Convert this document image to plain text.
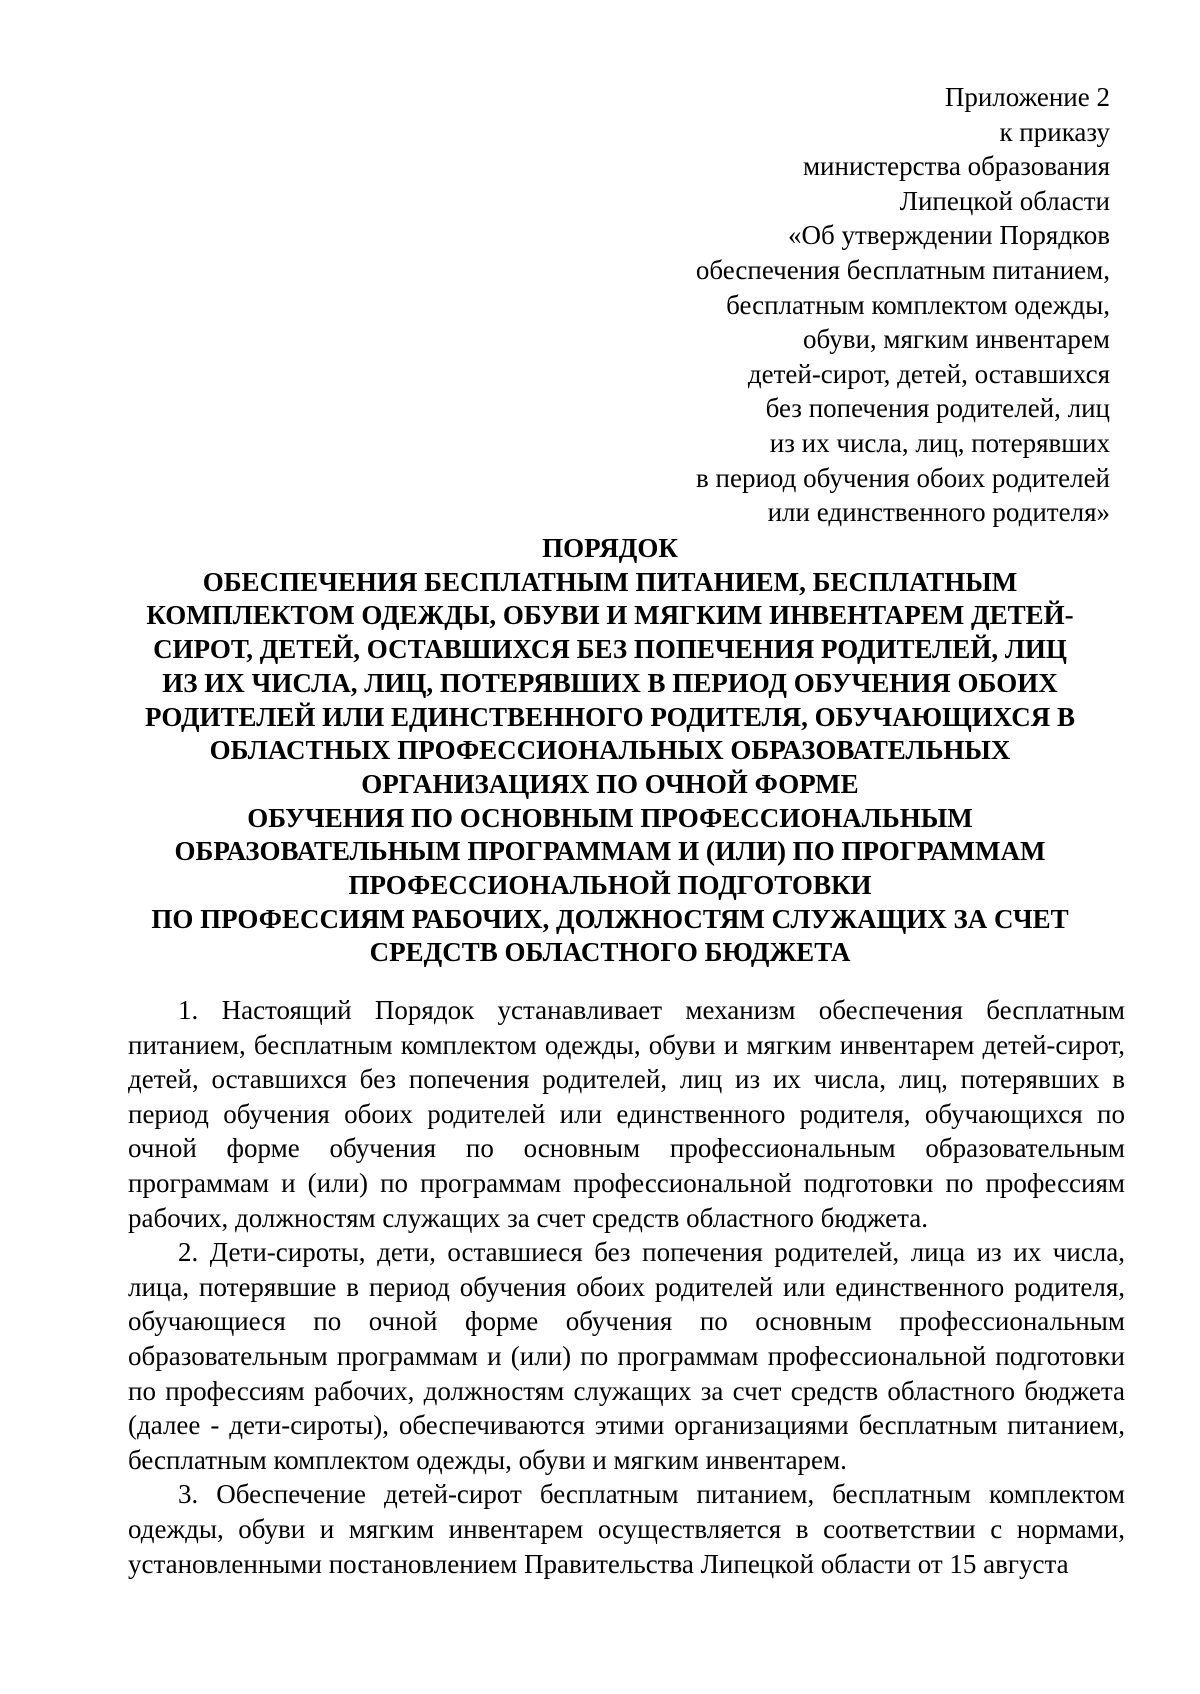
Приложение 2
к приказу
министерства образования
Липецкой области
«Об утверждении Порядков
обеспечения бесплатным питанием,
бесплатным комплектом одежды,
обуви, мягким инвентарем
детей-сирот, детей, оставшихся
без попечения родителей, лиц
из их числа, лиц, потерявших
в период обучения обоих родителей
или единственного родителя»
ПОРЯДОК
ОБЕСПЕЧЕНИЯ БЕСПЛАТНЫМ ПИТАНИЕМ, БЕСПЛАТНЫМ
КОМПЛЕКТОМ ОДЕЖДЫ, ОБУВИ И МЯГКИМ ИНВЕНТАРЕМ ДЕТЕЙ-
СИРОТ, ДЕТЕЙ, ОСТАВШИХСЯ БЕЗ ПОПЕЧЕНИЯ РОДИТЕЛЕЙ, ЛИЦ
ИЗ ИХ ЧИСЛА, ЛИЦ, ПОТЕРЯВШИХ В ПЕРИОД ОБУЧЕНИЯ ОБОИХ
РОДИТЕЛЕЙ ИЛИ ЕДИНСТВЕННОГО РОДИТЕЛЯ, ОБУЧАЮЩИХСЯ В
ОБЛАСТНЫХ ПРОФЕССИОНАЛЬНЫХ ОБРАЗОВАТЕЛЬНЫХ
ОРГАНИЗАЦИЯХ ПО ОЧНОЙ ФОРМЕ
ОБУЧЕНИЯ ПО ОСНОВНЫМ ПРОФЕССИОНАЛЬНЫМ
ОБРАЗОВАТЕЛЬНЫМ ПРОГРАММАМ И (ИЛИ) ПО ПРОГРАММАМ
ПРОФЕССИОНАЛЬНОЙ ПОДГОТОВКИ
ПО ПРОФЕССИЯМ РАБОЧИХ, ДОЛЖНОСТЯМ СЛУЖАЩИХ ЗА СЧЕТ
СРЕДСТВ ОБЛАСТНОГО БЮДЖЕТА

1. Настоящий Порядок устанавливает механизм обеспечения бесплатным питанием, бесплатным комплектом одежды, обуви и мягким инвентарем детей-сирот, детей, оставшихся без попечения родителей, лиц из их числа, лиц, потерявших в период обучения обоих родителей или единственного родителя, обучающихся по очной форме обучения по основным профессиональным образовательным программам и (или) по программам профессиональной подготовки по профессиям рабочих, должностям служащих за счет средств областного бюджета.

2. Дети-сироты, дети, оставшиеся без попечения родителей, лица из их числа, лица, потерявшие в период обучения обоих родителей или единственного родителя, обучающиеся по очной форме обучения по основным профессиональным образовательным программам и (или) по программам профессиональной подготовки по профессиям рабочих, должностям служащих за счет средств областного бюджета (далее - дети-сироты), обеспечиваются этими организациями бесплатным питанием, бесплатным комплектом одежды, обуви и мягким инвентарем.

3. Обеспечение детей-сирот бесплатным питанием, бесплатным комплектом одежды, обуви и мягким инвентарем осуществляется в соответствии с нормами, установленными постановлением Правительства Липецкой области от 15 августа
